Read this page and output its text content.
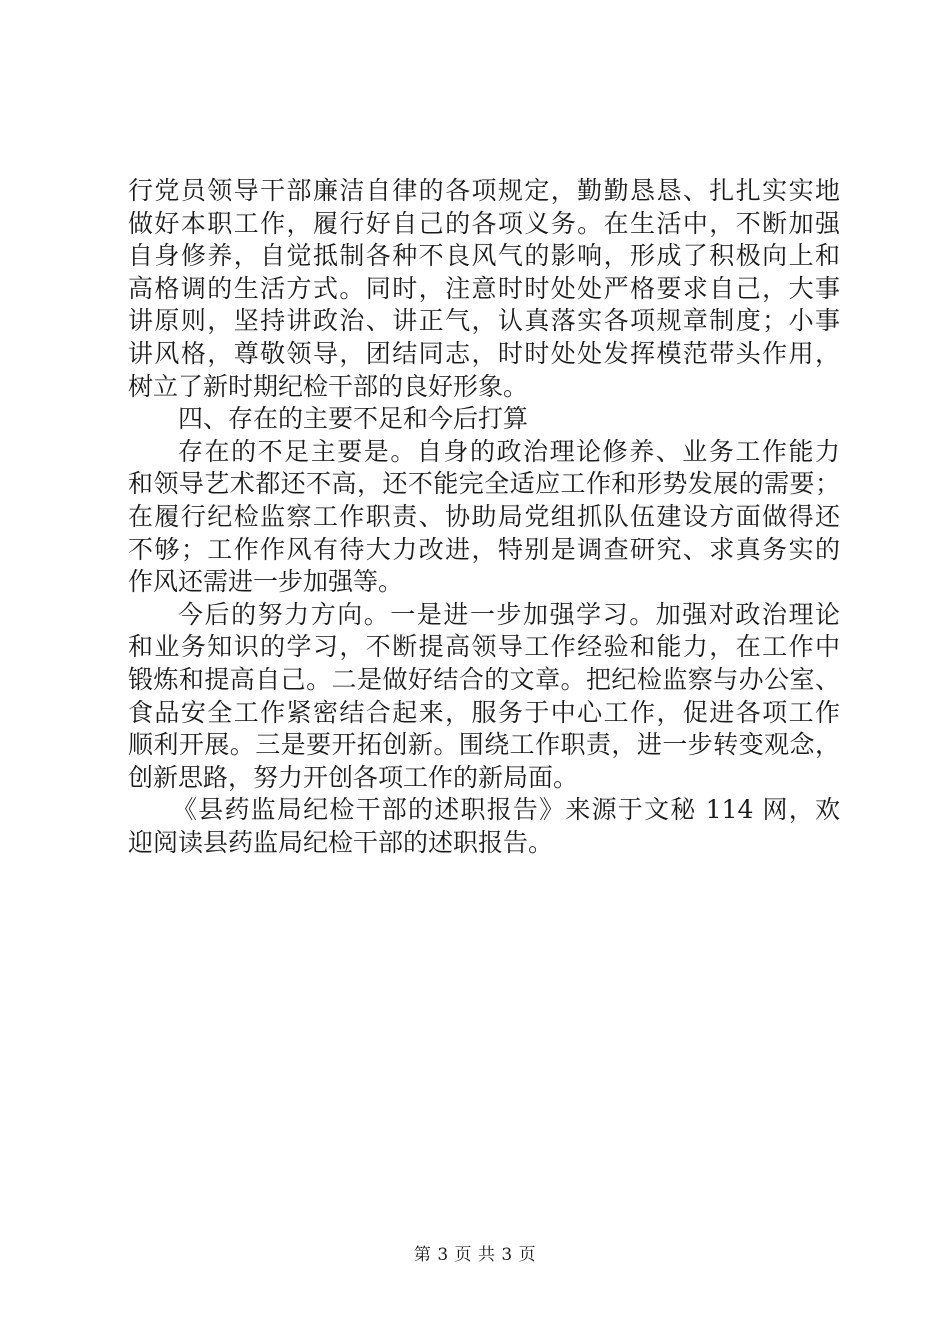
行党员领导干部廉洁自律的各项规定，勤勤恳恳、扎扎实实地
做好本职工作，履行好自己的各项义务。在生活中，不断加强
自身修养，自觉抵制各种不良风气的影响，形成了积极向上和
高格调的生活方式。同时，注意时时处处严格要求自己，大事
讲原则，坚持讲政治、讲正气，认真落实各项规章制度；小事
讲风格，尊敬领导，团结同志，时时处处发挥模范带头作用，
树立了新时期纪检干部的良好形象。
四、存在的主要不足和今后打算
存在的不足主要是。自身的政治理论修养、业务工作能力
和领导艺术都还不高，还不能完全适应工作和形势发展的需要；
在履行纪检监察工作职责、协助局党组抓队伍建设方面做得还
不够；工作作风有待大力改进，特别是调查研究、求真务实的
作风还需进一步加强等。
今后的努力方向。一是进一步加强学习。加强对政治理论
和业务知识的学习，不断提高领导工作经验和能力，在工作中
锻炼和提高自己。二是做好结合的文章。把纪检监察与办公室、
食品安全工作紧密结合起来，服务于中心工作，促进各项工作
顺利开展。三是要开拓创新。围绕工作职责，进一步转变观念，
创新思路，努力开创各项工作的新局面。
《县药监局纪检干部的述职报告》来源于文秘 114 网，欢
迎阅读县药监局纪检干部的述职报告。
第 3 页 共 3 页
